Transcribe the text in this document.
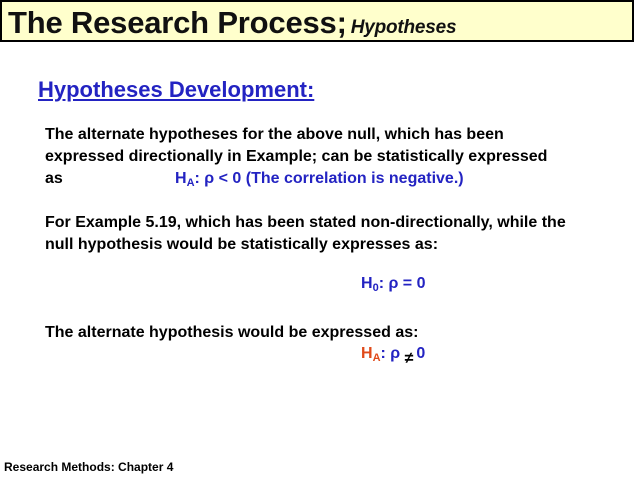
The Research Process; Hypotheses
Hypotheses Development:
The alternate hypotheses for the above null, which has been
expressed directionally in Example; can be statistically expressed
as	$H_A$: ρ < 0 (The correlation is negative.)
For Example 5.19, which has been stated non-directionally, while the
null hypothesis would be statistically expresses as:
$H_0$: ρ = 0
The alternate hypothesis would be expressed as:
$H_A$: ρ ≠ 0
Research Methods: Chapter 4
